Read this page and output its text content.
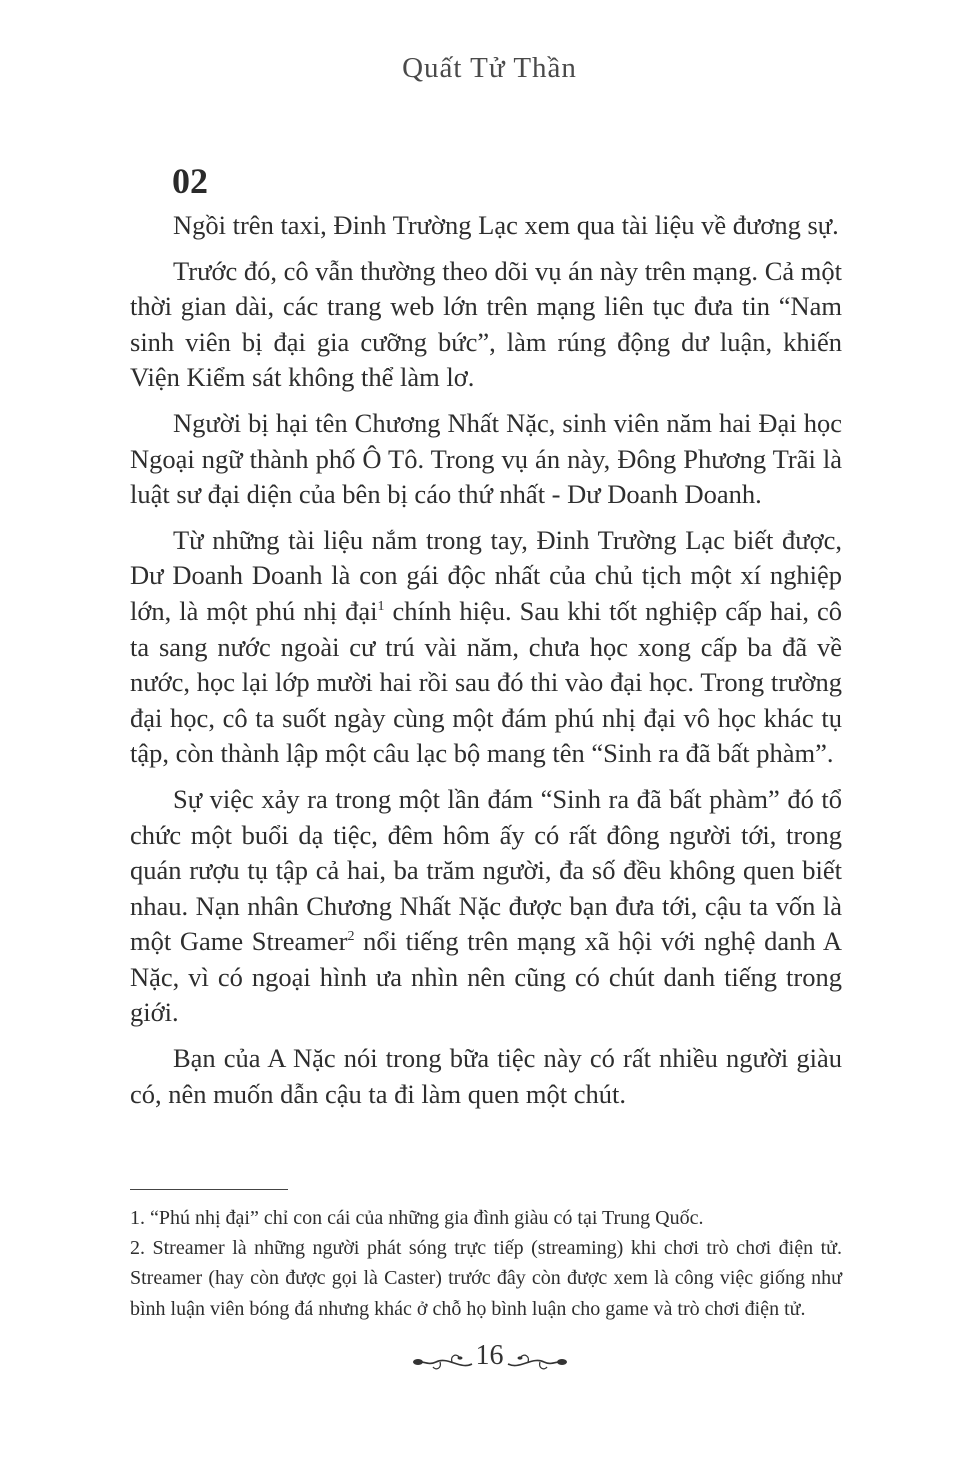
Quất Tử Thần
02

Ngồi trên taxi, Đinh Trường Lạc xem qua tài liệu về đương sự.

Trước đó, cô vẫn thường theo dõi vụ án này trên mạng. Cả một thời gian dài, các trang web lớn trên mạng liên tục đưa tin “Nam sinh viên bị đại gia cưỡng bức”, làm rúng động dư luận, khiến Viện Kiểm sát không thể làm lơ.

Người bị hại tên Chương Nhất Nặc, sinh viên năm hai Đại học Ngoại ngữ thành phố Ô Tô. Trong vụ án này, Đông Phương Trãi là luật sư đại diện của bên bị cáo thứ nhất - Dư Doanh Doanh.

Từ những tài liệu nắm trong tay, Đinh Trường Lạc biết được, Dư Doanh Doanh là con gái độc nhất của chủ tịch một xí nghiệp lớn, là một phú nhị đại$^1$ chính hiệu. Sau khi tốt nghiệp cấp hai, cô ta sang nước ngoài cư trú vài năm, chưa học xong cấp ba đã về nước, học lại lớp mười hai rồi sau đó thi vào đại học. Trong trường đại học, cô ta suốt ngày cùng một đám phú nhị đại vô học khác tụ tập, còn thành lập một câu lạc bộ mang tên “Sinh ra đã bất phàm”.

Sự việc xảy ra trong một lần đám “Sinh ra đã bất phàm” đó tổ chức một buổi dạ tiệc, đêm hôm ấy có rất đông người tới, trong quán rượu tụ tập cả hai, ba trăm người, đa số đều không quen biết nhau. Nạn nhân Chương Nhất Nặc được bạn đưa tới, cậu ta vốn là một Game Streamer$^2$ nổi tiếng trên mạng xã hội với nghệ danh A Nặc, vì có ngoại hình ưa nhìn nên cũng có chút danh tiếng trong giới.

Bạn của A Nặc nói trong bữa tiệc này có rất nhiều người giàu có, nên muốn dẫn cậu ta đi làm quen một chút.

1. “Phú nhị đại” chỉ con cái của những gia đình giàu có tại Trung Quốc.

2. Streamer là những người phát sóng trực tiếp (streaming) khi chơi trò chơi điện tử. Streamer (hay còn được gọi là Caster) trước đây còn được xem là công việc giống như bình luận viên bóng đá nhưng khác ở chỗ họ bình luận cho game và trò chơi điện tử.

16
